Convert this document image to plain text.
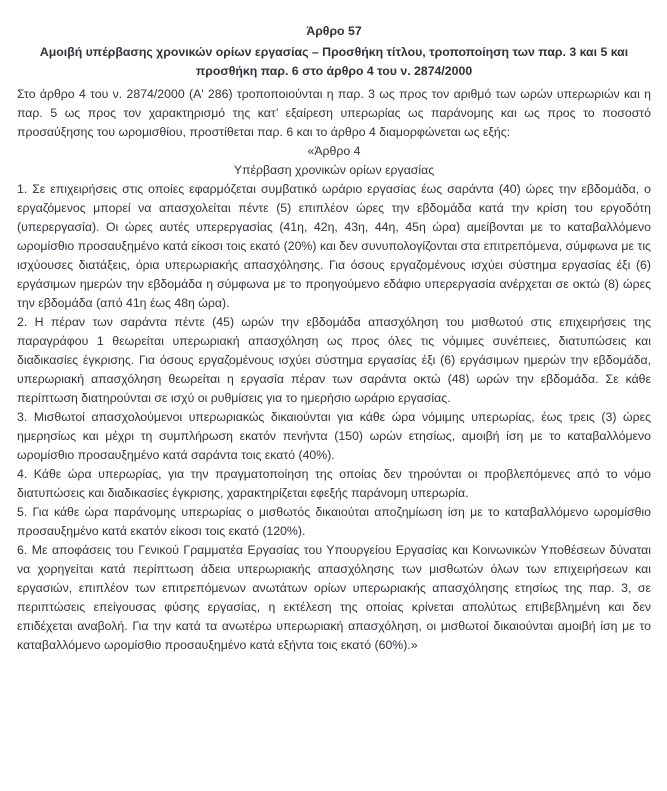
Άρθρο 57
Αμοιβή υπέρβασης χρονικών ορίων εργασίας – Προσθήκη τίτλου, τροποποίηση των παρ. 3 και 5 και προσθήκη παρ. 6 στο άρθρο 4 του ν. 2874/2000

Στο άρθρο 4 του ν. 2874/2000 (Α' 286) τροποποιούνται η παρ. 3 ως προς τον αριθμό των ωρών υπερωριών και η παρ. 5 ως προς τον χαρακτηρισμό της κατ’ εξαίρεση υπερωρίας ως παράνομης και ως προς το ποσοστό προσαύξησης του ωρομισθίου, προστίθεται παρ. 6 και το άρθρο 4 διαμορφώνεται ως εξής:

«Άρθρο 4

Υπέρβαση χρονικών ορίων εργασίας

1. Σε επιχειρήσεις στις οποίες εφαρμόζεται συμβατικό ωράριο εργασίας έως σαράντα (40) ώρες την εβδομάδα, ο εργαζόμενος μπορεί να απασχολείται πέντε (5) επιπλέον ώρες την εβδομάδα κατά την κρίση του εργοδότη (υπερεργασία). Οι ώρες αυτές υπερεργασίας (41η, 42η, 43η, 44η, 45η ώρα) αμείβονται με το καταβαλλόμενο ωρομίσθιο προσαυξημένο κατά είκοσι τοις εκατό (20%) και δεν συνυπολογίζονται στα επιτρεπόμενα, σύμφωνα με τις ισχύουσες διατάξεις, όρια υπερωριακής απασχόλησης. Για όσους εργαζομένους ισχύει σύστημα εργασίας έξι (6) εργάσιμων ημερών την εβδομάδα η σύμφωνα με το προηγούμενο εδάφιο υπερεργασία ανέρχεται σε οκτώ (8) ώρες την εβδομάδα (από 41η έως 48η ώρα).

2. Η πέραν των σαράντα πέντε (45) ωρών την εβδομάδα απασχόληση του μισθωτού στις επιχειρήσεις της παραγράφου 1 θεωρείται υπερωριακή απασχόληση ως προς όλες τις νόμιμες συνέπειες, διατυπώσεις και διαδικασίες έγκρισης. Για όσους εργαζομένους ισχύει σύστημα εργασίας έξι (6) εργάσιμων ημερών την εβδομάδα, υπερωριακή απασχόληση θεωρείται η εργασία πέραν των σαράντα οκτώ (48) ωρών την εβδομάδα. Σε κάθε περίπτωση διατηρούνται σε ισχύ οι ρυθμίσεις για το ημερήσιο ωράριο εργασίας.

3. Μισθωτοί απασχολούμενοι υπερωριακώς δικαιούνται για κάθε ώρα νόμιμης υπερωρίας, έως τρεις (3) ώρες ημερησίως και μέχρι τη συμπλήρωση εκατόν πενήντα (150) ωρών ετησίως, αμοιβή ίση με το καταβαλλόμενο ωρομίσθιο προσαυξημένο κατά σαράντα τοις εκατό (40%).

4. Κάθε ώρα υπερωρίας, για την πραγματοποίηση της οποίας δεν τηρούνται οι προβλεπόμενες από το νόμο διατυπώσεις και διαδικασίες έγκρισης, χαρακτηρίζεται εφεξής παράνομη υπερωρία.

5. Για κάθε ώρα παράνομης υπερωρίας ο μισθωτός δικαιούται αποζημίωση ίση με το καταβαλλόμενο ωρομίσθιο προσαυξημένο κατά εκατόν είκοσι τοις εκατό (120%).

6. Με αποφάσεις του Γενικού Γραμματέα Εργασίας του Υπουργείου Εργασίας και Κοινωνικών Υποθέσεων δύναται να χορηγείται κατά περίπτωση άδεια υπερωριακής απασχόλησης των μισθωτών όλων των επιχειρήσεων και εργασιών, επιπλέον των επιτρεπόμενων ανωτάτων ορίων υπερωριακής απασχόλησης ετησίως της παρ. 3, σε περιπτώσεις επείγουσας φύσης εργασίας, η εκτέλεση της οποίας κρίνεται απολύτως επιβεβλημένη και δεν επιδέχεται αναβολή. Για την κατά τα ανωτέρω υπερωριακή απασχόληση, οι μισθωτοί δικαιούνται αμοιβή ίση με το καταβαλλόμενο ωρομίσθιο προσαυξημένο κατά εξήντα τοις εκατό (60%).»
